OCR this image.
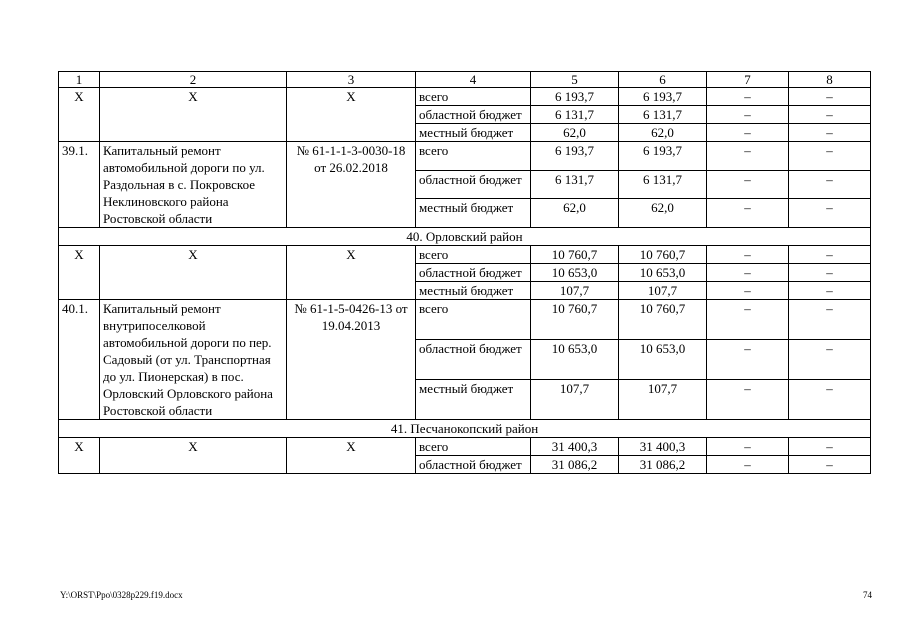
1	2	3	4	5	6	7	8
Х	Х	Х	всего	6 193,7	6 193,7	–	–
			областной бюджет	6 131,7	6 131,7	–	–
			местный бюджет	62,0	62,0	–	–
39.1.	Капитальный ремонт автомобильной дороги по ул. Раздольная в с. Покровское Неклиновского района Ростовской области	№ 61-1-1-3-0030-18 от 26.02.2018	всего	6 193,7	6 193,7	–	–
			областной бюджет	6 131,7	6 131,7	–	–
			местный бюджет	62,0	62,0	–	–
40. Орловский район							
Х	Х	Х	всего	10 760,7	10 760,7	–	–
			областной бюджет	10 653,0	10 653,0	–	–
			местный бюджет	107,7	107,7	–	–
40.1.	Капитальный ремонт внутрипоселковой автомобильной дороги по пер. Садовый (от ул. Транспортная до ул. Пионерская) в пос. Орловский Орловского района Ростовской области	№ 61-1-5-0426-13 от 19.04.2013	всего	10 760,7	10 760,7	–	–
			областной бюджет	10 653,0	10 653,0	–	–
			местный бюджет	107,7	107,7	–	–
41. Песчанокопский район							
Х	Х	Х	всего	31 400,3	31 400,3	–	–
			областной бюджет	31 086,2	31 086,2	–	–
Y:\ORST\Ppo\0328p229.f19.docx	74
